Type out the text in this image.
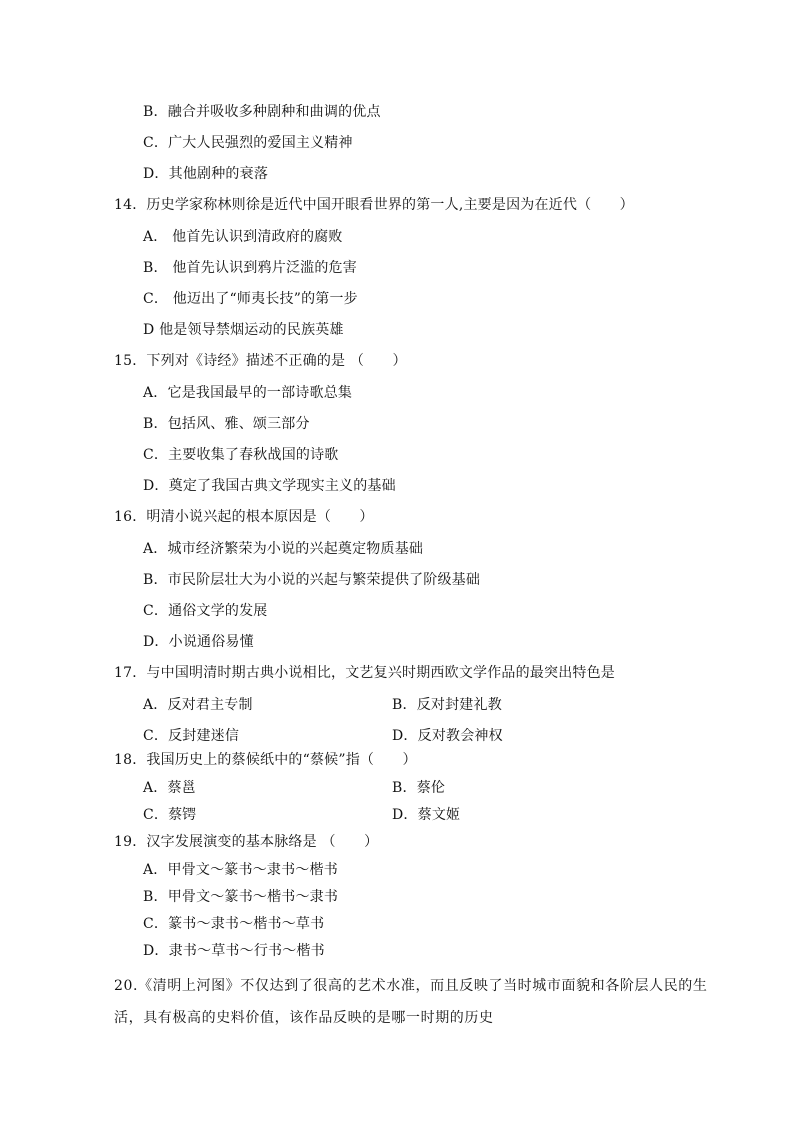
B．融合并吸收多种剧种和曲调的优点
C．广大人民强烈的爱国主义精神
D．其他剧种的衰落
14．历史学家称林则徐是近代中国开眼看世界的第一人,主要是因为在近代（　　）
A． 他首先认识到清政府的腐败
B． 他首先认识到鸦片泛滥的危害
C． 他迈出了“师夷长技”的第一步
D 他是领导禁烟运动的民族英雄
15．下列对《诗经》描述不正确的是 （　　）
A．它是我国最早的一部诗歌总集
B．包括风、雅、颂三部分
C．主要收集了春秋战国的诗歌
D．奠定了我国古典文学现实主义的基础
16．明清小说兴起的根本原因是（　　）
A．城市经济繁荣为小说的兴起奠定物质基础
B．市民阶层壮大为小说的兴起与繁荣提供了阶级基础
C．通俗文学的发展
D．小说通俗易懂
17．与中国明清时期古典小说相比，文艺复兴时期西欧文学作品的最突出特色是
A．反对君主专制	B．反对封建礼教
C．反封建迷信	D．反对教会神权
18．我国历史上的蔡候纸中的“蔡候”指（　　）
A．蔡邕	B．蔡伦
C．蔡锷	D．蔡文姬
19．汉字发展演变的基本脉络是 （　　）
A．甲骨文～篆书～隶书～楷书
B．甲骨文～篆书～楷书～隶书
C．篆书～隶书～楷书～草书
D．隶书～草书～行书～楷书
20.《清明上河图》不仅达到了很高的艺术水准，而且反映了当时城市面貌和各阶层人民的生
活，具有极高的史料价值，该作品反映的是哪一时期的历史
